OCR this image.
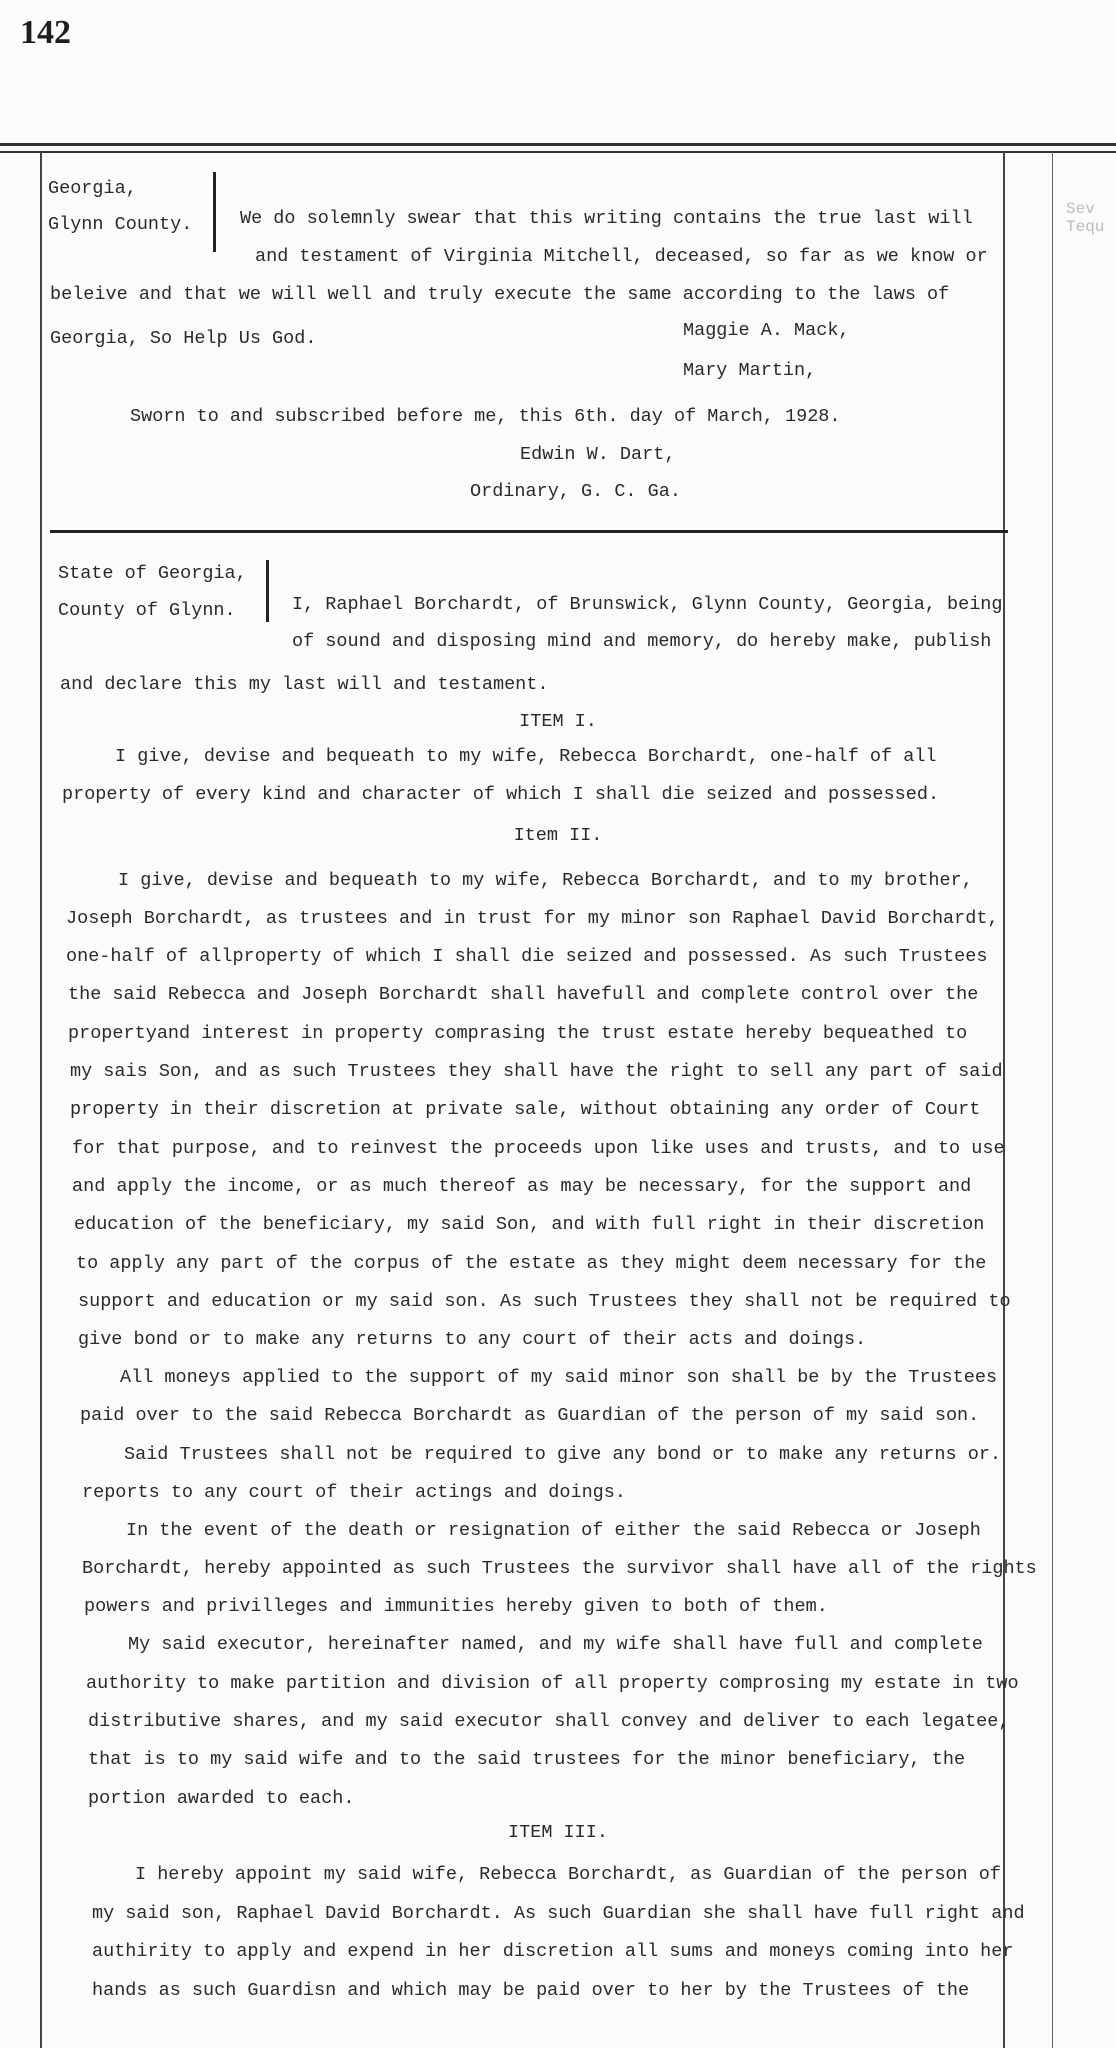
142
Sev Tequ
Georgia,
Glynn County.	We do solemnly swear that this writing contains the true last will
and testament of Virginia Mitchell, deceased, so far as we know or
beleive and that we will well and truly execute the same according to the laws of
Georgia, So Help Us God.	Maggie A. Mack,
Mary Martin,
Sworn to and subscribed before me, this 6th. day of March, 1928.
Edwin W. Dart,
Ordinary, G. C. Ga.
State of Georgia,
County of Glynn.	I, Raphael Borchardt, of Brunswick, Glynn County, Georgia, being
of sound and disposing mind and memory, do hereby make, publish
and declare this my last will and testament.
ITEM I.
I give, devise and bequeath to my wife, Rebecca Borchardt, one-half of all
property of every kind and character of which I shall die seized and possessed.
Item II.
I give, devise and bequeath to my wife, Rebecca Borchardt, and to my brother,
Joseph Borchardt, as trustees and in trust for my minor son Raphael David Borchardt,
one-half of allproperty of which I shall die seized and possessed. As such Trustees
the said Rebecca and Joseph Borchardt shall havefull and complete control over the
propertyand interest in property comprasing the trust estate hereby bequeathed to
my sais Son, and as such Trustees they shall have the right to sell any part of said
property in their discretion at private sale, without obtaining any order of Court
for that purpose, and to reinvest the proceeds upon like uses and trusts, and to use
and apply the income, or as much thereof as may be necessary, for the support and
education of the beneficiary, my said Son, and with full right in their discretion
to apply any part of the corpus of the estate as they might deem necessary for the
support and education or my said son. As such Trustees they shall not be required to
give bond or to make any returns to any court of their acts and doings.
All moneys applied to the support of my said minor son shall be by the Trustees
paid over to the said Rebecca Borchardt as Guardian of the person of my said son.
Said Trustees shall not be required to give any bond or to make any returns or.
reports to any court of their actings and doings.
In the event of the death or resignation of either the said Rebecca or Joseph
Borchardt, hereby appointed as such Trustees the survivor shall have all of the rights
powers and privilleges and immunities hereby given to both of them.
My said executor, hereinafter named, and my wife shall have full and complete
authority to make partition and division of all property comprosing my estate in two
distributive shares, and my said executor shall convey and deliver to each legatee,
that is to my said wife and to the said trustees for the minor beneficiary, the
portion awarded to each.
ITEM III.
I hereby appoint my said wife, Rebecca Borchardt, as Guardian of the person of
my said son, Raphael David Borchardt. As such Guardian she shall have full right and
authirity to apply and expend in her discretion all sums and moneys coming into her
hands as such Guardisn and which may be paid over to her by the Trustees of the
